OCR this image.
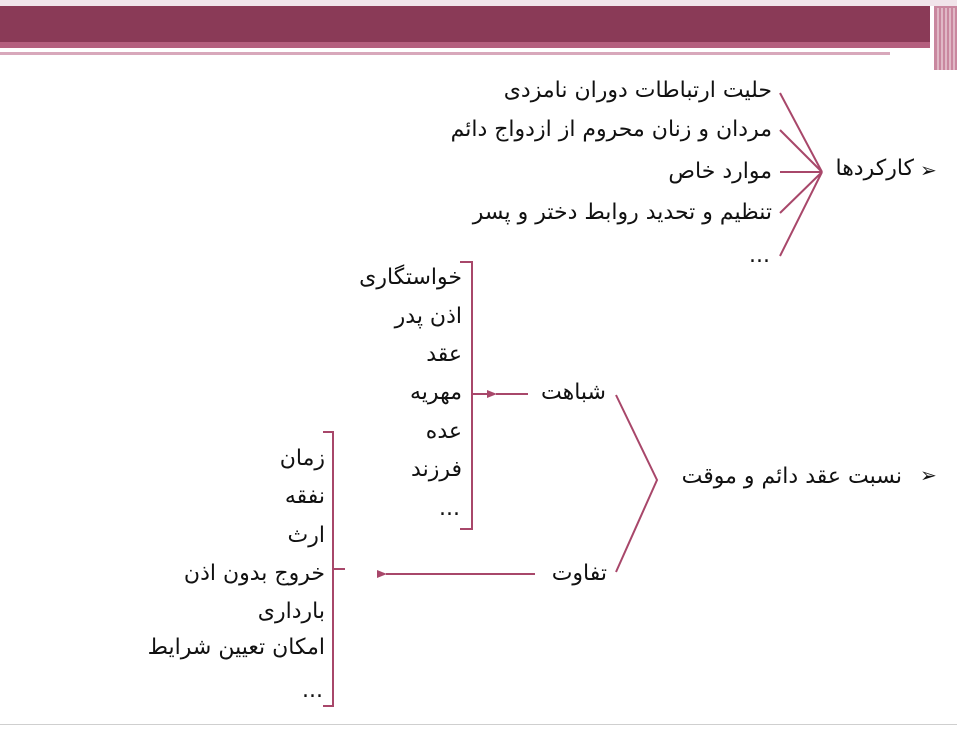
➢
کارکردها
حلیت ارتباطات دوران نامزدی
مردان و زنان محروم از ازدواج دائم
موارد خاص
تنظیم و تحدید روابط دختر و پسر
...
➢
نسبت عقد دائم و موقت
شباهت
تفاوت
خواستگاری
اذن پدر
عقد
مهریه
عده
فرزند
...
زمان
نفقه
ارث
خروج بدون اذن
بارداری
امکان تعیین شرایط
...
